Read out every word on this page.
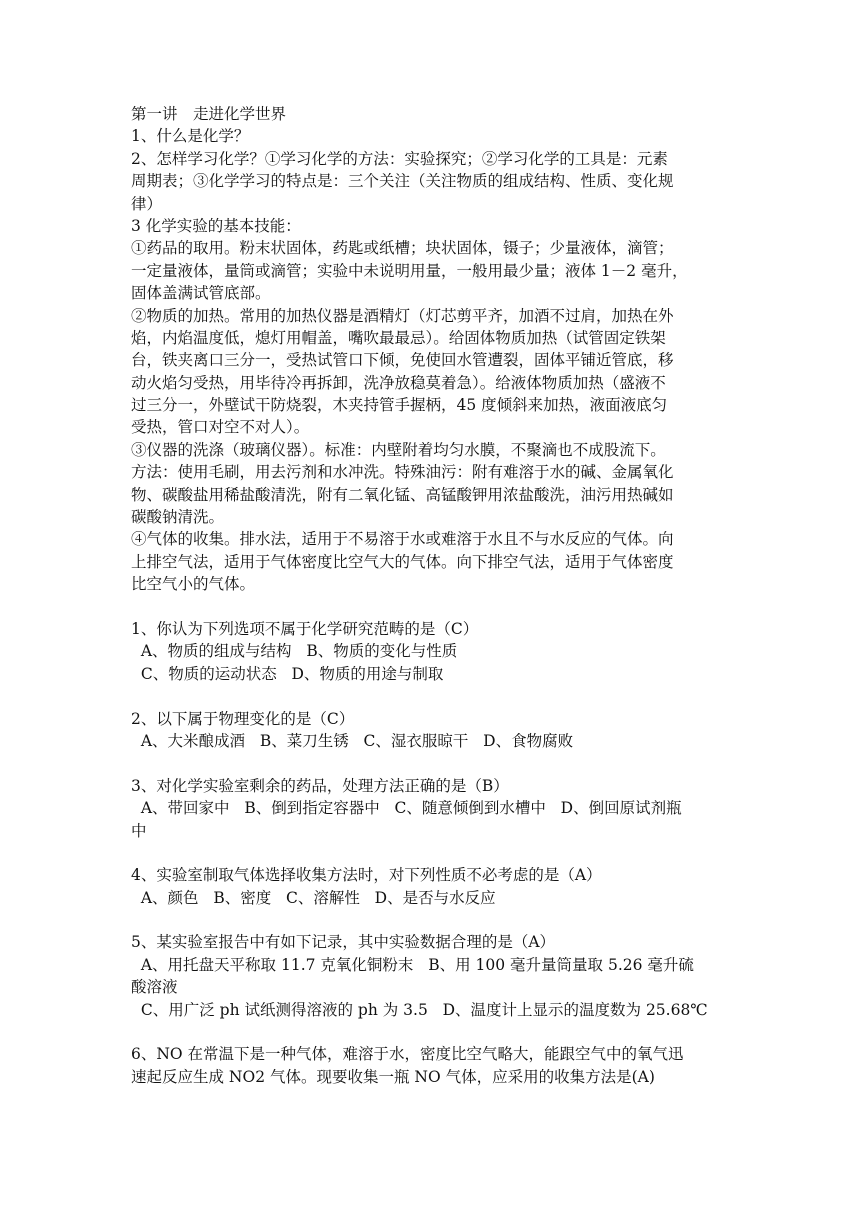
第一讲　走进化学世界
1、什么是化学？
2、怎样学习化学？①学习化学的方法：实验探究；②学习化学的工具是：元素
周期表；③化学学习的特点是：三个关注（关注物质的组成结构、性质、变化规
律）
3 化学实验的基本技能：
①药品的取用。粉末状固体，药匙或纸槽；块状固体，镊子；少量液体，滴管；
一定量液体，量筒或滴管；实验中未说明用量，一般用最少量；液体 1－2 毫升，
固体盖满试管底部。
②物质的加热。常用的加热仪器是酒精灯（灯芯剪平齐，加酒不过肩，加热在外
焰，内焰温度低，熄灯用帽盖，嘴吹最最忌）。给固体物质加热（试管固定铁架
台，铁夹离口三分一，受热试管口下倾，免使回水管遭裂，固体平铺近管底，移
动火焰匀受热，用毕待冷再拆卸，洗净放稳莫着急）。给液体物质加热（盛液不
过三分一，外壁试干防烧裂，木夹持管手握柄，45 度倾斜来加热，液面液底匀
受热，管口对空不对人）。
③仪器的洗涤（玻璃仪器）。标准：内壁附着均匀水膜，不聚滴也不成股流下。
方法：使用毛刷，用去污剂和水冲洗。特殊油污：附有难溶于水的碱、金属氧化
物、碳酸盐用稀盐酸清洗，附有二氧化锰、高锰酸钾用浓盐酸洗，油污用热碱如
碳酸钠清洗。
④气体的收集。排水法，适用于不易溶于水或难溶于水且不与水反应的气体。向
上排空气法，适用于气体密度比空气大的气体。向下排空气法，适用于气体密度
比空气小的气体。
1、你认为下列选项不属于化学研究范畴的是（C）
A、物质的组成与结构   B、物质的变化与性质
C、物质的运动状态   D、物质的用途与制取
2、以下属于物理变化的是（C）
A、大米酿成酒   B、菜刀生锈   C、湿衣服晾干   D、食物腐败
3、对化学实验室剩余的药品，处理方法正确的是（B）
A、带回家中   B、倒到指定容器中   C、随意倾倒到水槽中   D、倒回原试剂瓶
中
4、实验室制取气体选择收集方法时，对下列性质不必考虑的是（A）
A、颜色   B、密度   C、溶解性   D、是否与水反应
5、某实验室报告中有如下记录，其中实验数据合理的是（A）
A、用托盘天平称取 11.7 克氧化铜粉末   B、用 100 毫升量筒量取 5.26 毫升硫
酸溶液
C、用广泛 ph 试纸测得溶液的 ph 为 3.5   D、温度计上显示的温度数为 25.68℃
6、NO 在常温下是一种气体，难溶于水，密度比空气略大，能跟空气中的氧气迅
速起反应生成 NO2 气体。现要收集一瓶 NO 气体，应采用的收集方法是(A)
